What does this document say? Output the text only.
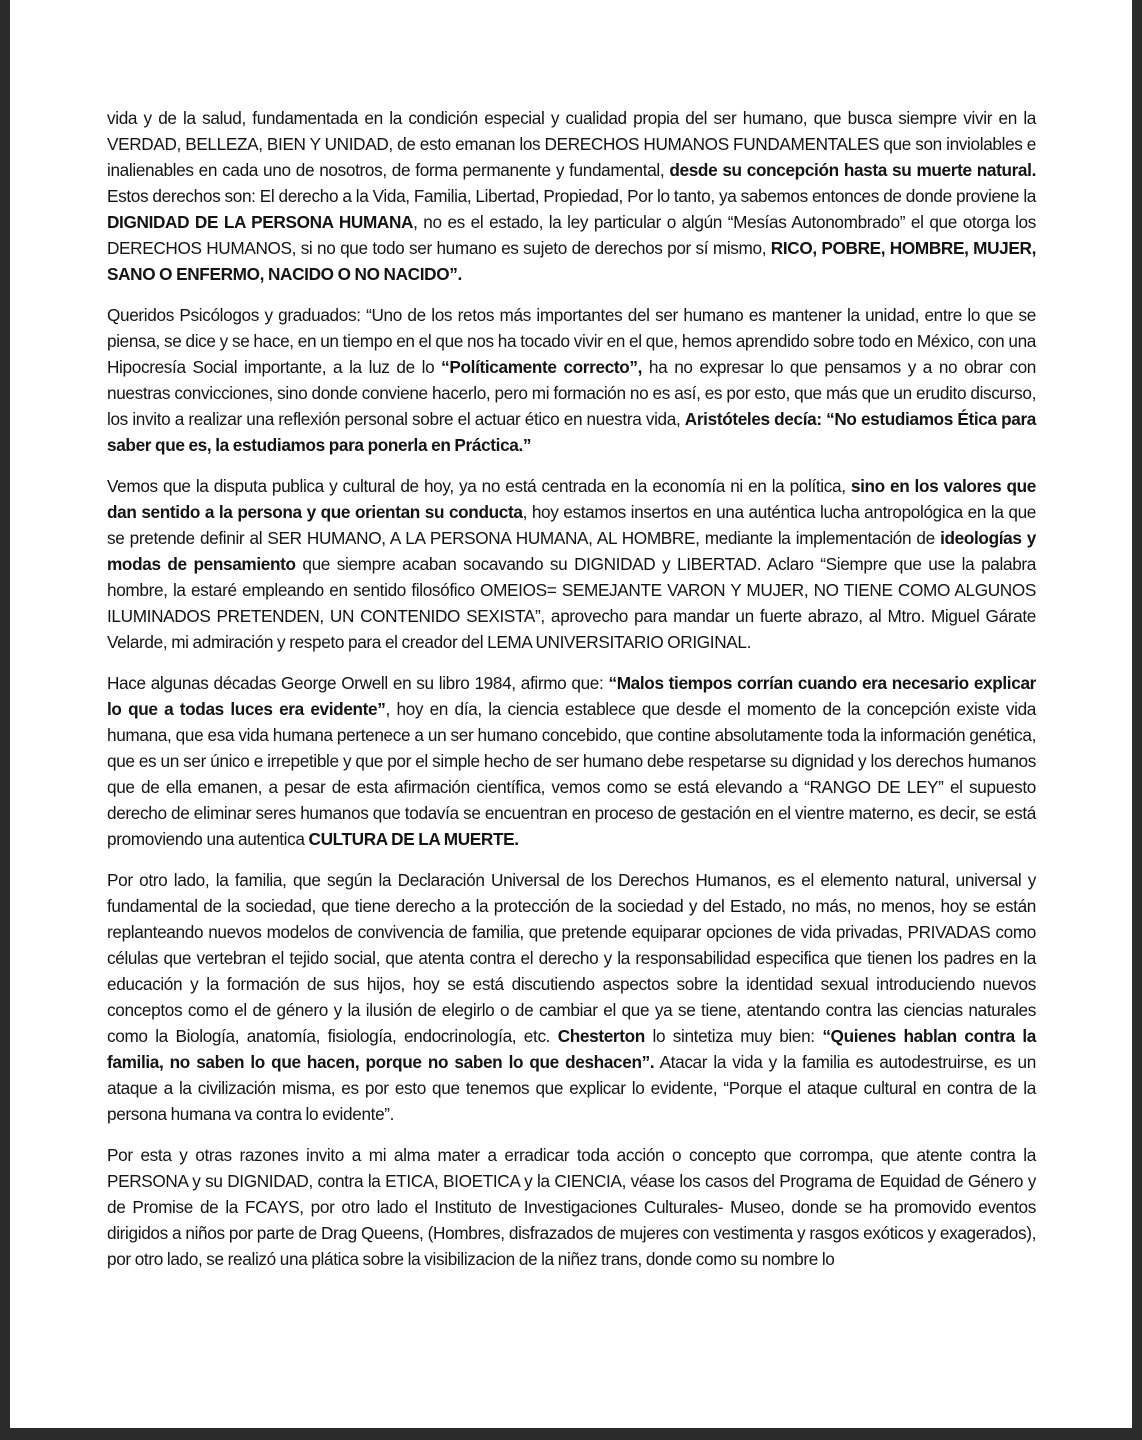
vida y de la salud, fundamentada en la condición especial y cualidad propia del ser humano, que busca siempre vivir en la VERDAD, BELLEZA, BIEN Y UNIDAD, de esto emanan los DERECHOS HUMANOS FUNDAMENTALES que son inviolables e inalienables en cada uno de nosotros, de forma permanente y fundamental, desde su concepción hasta su muerte natural. Estos derechos son: El derecho a la Vida, Familia, Libertad, Propiedad, Por lo tanto, ya sabemos entonces de donde proviene la DIGNIDAD DE LA PERSONA HUMANA, no es el estado, la ley particular o algún “Mesías Autonombrado” el que otorga los DERECHOS HUMANOS, si no que todo ser humano es sujeto de derechos por sí mismo, RICO, POBRE, HOMBRE, MUJER, SANO O ENFERMO, NACIDO O NO NACIDO”.

Queridos Psicólogos y graduados: “Uno de los retos más importantes del ser humano es mantener la unidad, entre lo que se piensa, se dice y se hace, en un tiempo en el que nos ha tocado vivir en el que, hemos aprendido sobre todo en México, con una Hipocresía Social importante, a la luz de lo “Políticamente correcto”, ha no expresar lo que pensamos y a no obrar con nuestras convicciones, sino donde conviene hacerlo, pero mi formación no es así, es por esto, que más que un erudito discurso, los invito a realizar una reflexión personal sobre el actuar ético en nuestra vida, Aristóteles decía: “No estudiamos Ética para saber que es, la estudiamos para ponerla en Práctica.”

Vemos que la disputa publica y cultural de hoy, ya no está centrada en la economía ni en la política, sino en los valores que dan sentido a la persona y que orientan su conducta, hoy estamos insertos en una auténtica lucha antropológica en la que se pretende definir al SER HUMANO, A LA PERSONA HUMANA, AL HOMBRE, mediante la implementación de ideologías y modas de pensamiento que siempre acaban socavando su DIGNIDAD y LIBERTAD. Aclaro “Siempre que use la palabra hombre, la estaré empleando en sentido filosófico OMEIOS= SEMEJANTE VARON Y MUJER, NO TIENE COMO ALGUNOS ILUMINADOS PRETENDEN, UN CONTENIDO SEXISTA”, aprovecho para mandar un fuerte abrazo, al Mtro. Miguel Gárate Velarde, mi admiración y respeto para el creador del LEMA UNIVERSITARIO ORIGINAL.

Hace algunas décadas George Orwell en su libro 1984, afirmo que: “Malos tiempos corrían cuando era necesario explicar lo que a todas luces era evidente”, hoy en día, la ciencia establece que desde el momento de la concepción existe vida humana, que esa vida humana pertenece a un ser humano concebido, que contine absolutamente toda la información genética, que es un ser único e irrepetible y que por el simple hecho de ser humano debe respetarse su dignidad y los derechos humanos que de ella emanen, a pesar de esta afirmación científica, vemos como se está elevando a “RANGO DE LEY” el supuesto derecho de eliminar seres humanos que todavía se encuentran en proceso de gestación en el vientre materno, es decir, se está promoviendo una autentica CULTURA DE LA MUERTE.

Por otro lado, la familia, que según la Declaración Universal de los Derechos Humanos, es el elemento natural, universal y fundamental de la sociedad, que tiene derecho a la protección de la sociedad y del Estado, no más, no menos, hoy se están replanteando nuevos modelos de convivencia de familia, que pretende equiparar opciones de vida privadas, PRIVADAS como células que vertebran el tejido social, que atenta contra el derecho y la responsabilidad especifica que tienen los padres en la educación y la formación de sus hijos, hoy se está discutiendo aspectos sobre la identidad sexual introduciendo nuevos conceptos como el de género y la ilusión de elegirlo o de cambiar el que ya se tiene, atentando contra las ciencias naturales como la Biología, anatomía, fisiología, endocrinología, etc. Chesterton lo sintetiza muy bien: “Quienes hablan contra la familia, no saben lo que hacen, porque no saben lo que deshacen”. Atacar la vida y la familia es autodestruirse, es un ataque a la civilización misma, es por esto que tenemos que explicar lo evidente, “Porque el ataque cultural en contra de la persona humana va contra lo evidente”.

Por esta y otras razones invito a mi alma mater a erradicar toda acción o concepto que corrompa, que atente contra la PERSONA y su DIGNIDAD, contra la ETICA, BIOETICA y la CIENCIA, véase los casos del Programa de Equidad de Género y de Promise de la FCAYS, por otro lado el Instituto de Investigaciones Culturales- Museo, donde se ha promovido eventos dirigidos a niños por parte de Drag Queens, (Hombres, disfrazados de mujeres con vestimenta y rasgos exóticos y exagerados), por otro lado, se realizó una plática sobre la visibilizacion de la niñez trans, donde como su nombre lo
